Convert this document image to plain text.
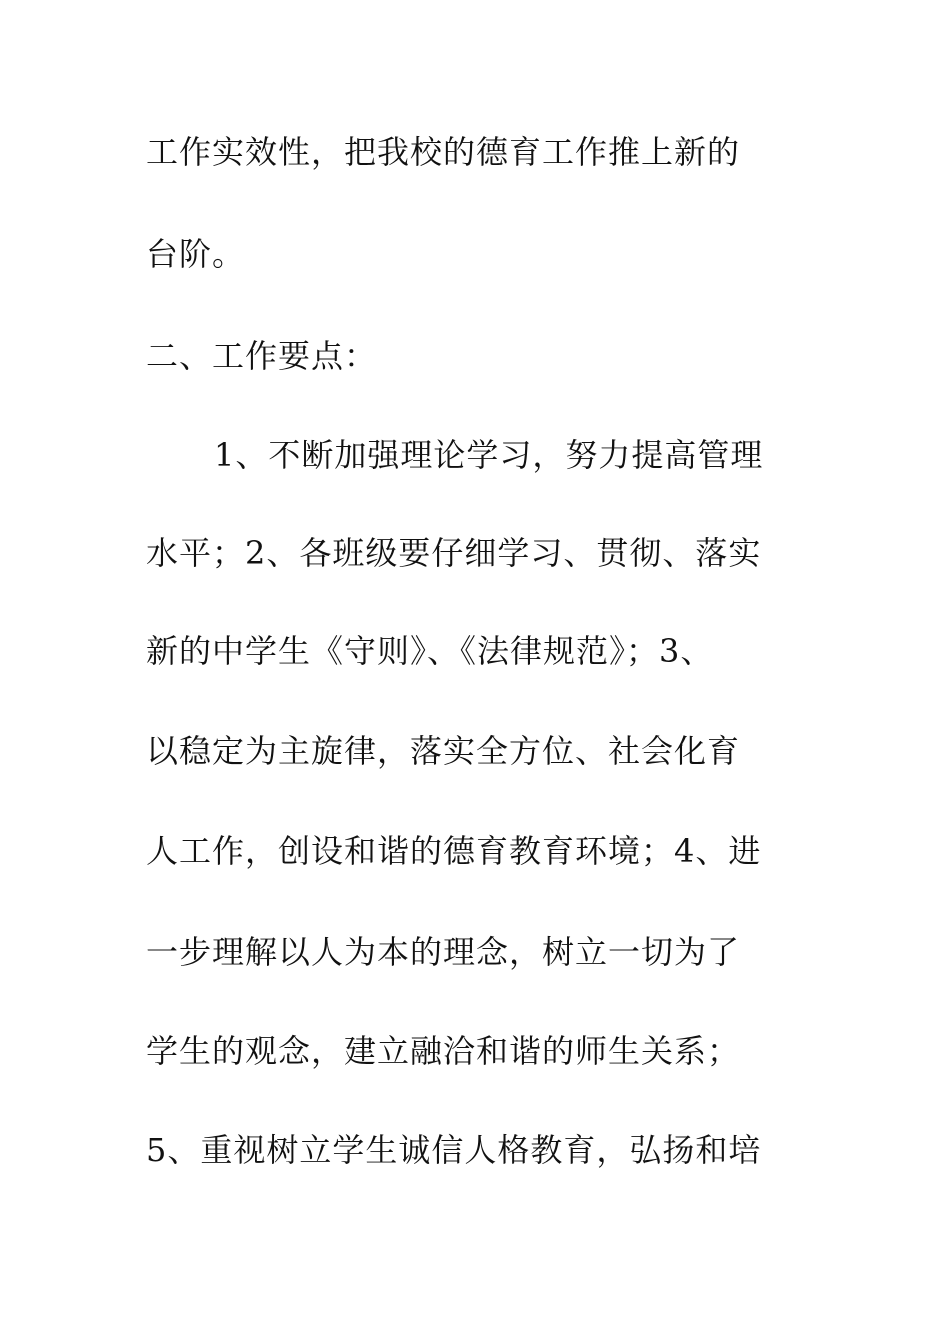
工作实效性，把我校的德育工作推上新的
台阶。
二、工作要点：
1、不断加强理论学习，努力提高管理
水平；2、各班级要仔细学习、贯彻、落实
新的中学生《守则》、《法律规范》；3、
以稳定为主旋律，落实全方位、社会化育
人工作，创设和谐的德育教育环境；4、进
一步理解以人为本的理念，树立一切为了
学生的观念，建立融洽和谐的师生关系；
5、重视树立学生诚信人格教育，弘扬和培
